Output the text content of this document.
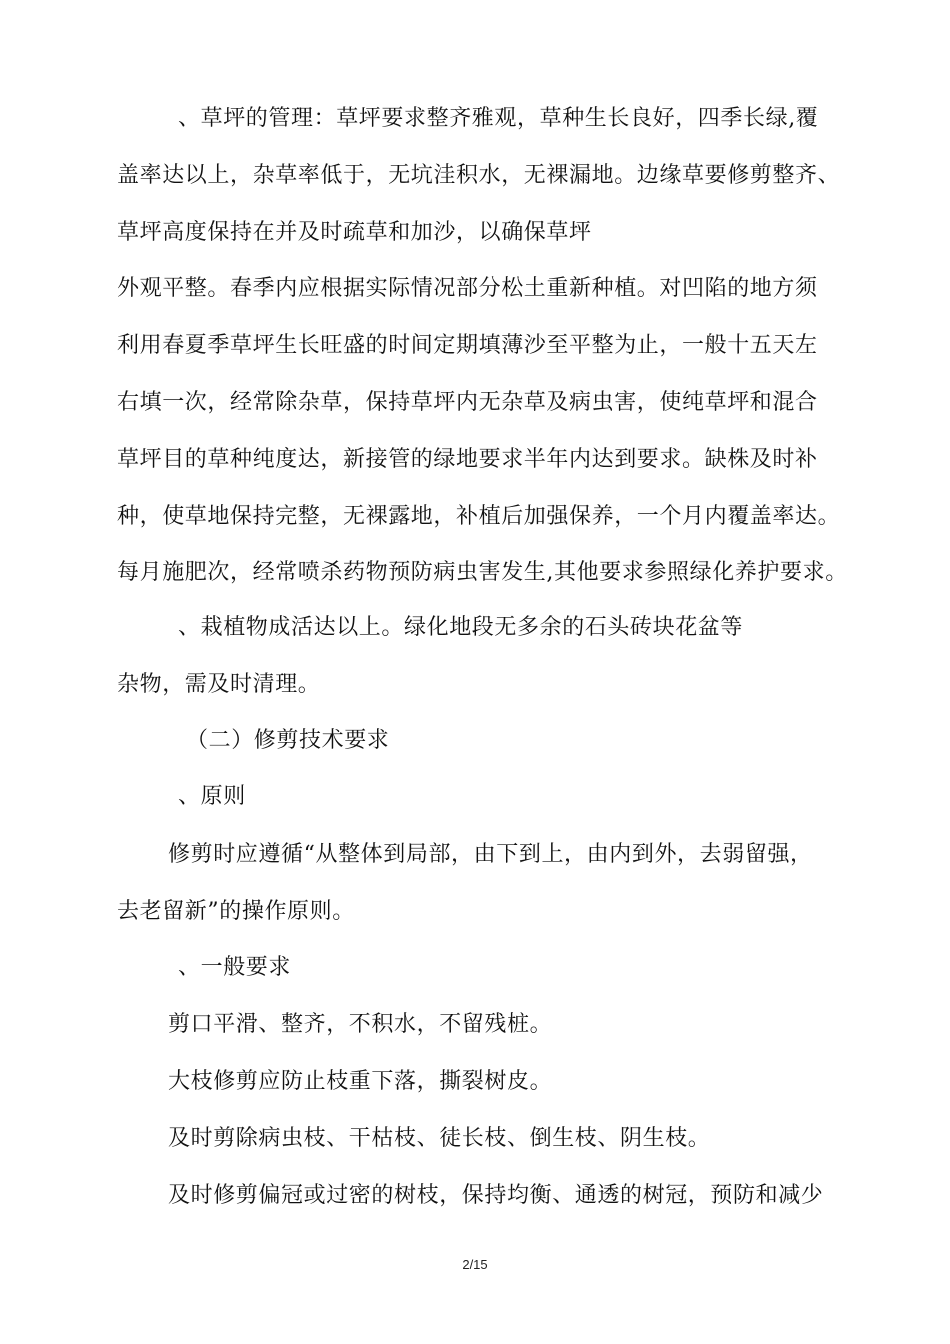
、草坪的管理：草坪要求整齐雅观，草种生长良好，四季长绿,覆
盖率达以上，杂草率低于，无坑洼积水，无裸漏地。边缘草要修剪整齐、
草坪高度保持在并及时疏草和加沙，以确保草坪
外观平整。春季内应根据实际情况部分松土重新种植。对凹陷的地方须
利用春夏季草坪生长旺盛的时间定期填薄沙至平整为止，一般十五天左
右填一次，经常除杂草，保持草坪内无杂草及病虫害，使纯草坪和混合
草坪目的草种纯度达，新接管的绿地要求半年内达到要求。缺株及时补
种，使草地保持完整，无裸露地，补植后加强保养，一个月内覆盖率达。
每月施肥次，经常喷杀药物预防病虫害发生,其他要求参照绿化养护要求。
、栽植物成活达以上。绿化地段无多余的石头砖块花盆等
杂物，需及时清理。
（二）修剪技术要求
、原则
修剪时应遵循“从整体到局部，由下到上，由内到外，去弱留强，
去老留新”的操作原则。
、一般要求
剪口平滑、整齐，不积水，不留残桩。
大枝修剪应防止枝重下落，撕裂树皮。
及时剪除病虫枝、干枯枝、徒长枝、倒生枝、阴生枝。
及时修剪偏冠或过密的树枝，保持均衡、通透的树冠，预防和减少
2/15
